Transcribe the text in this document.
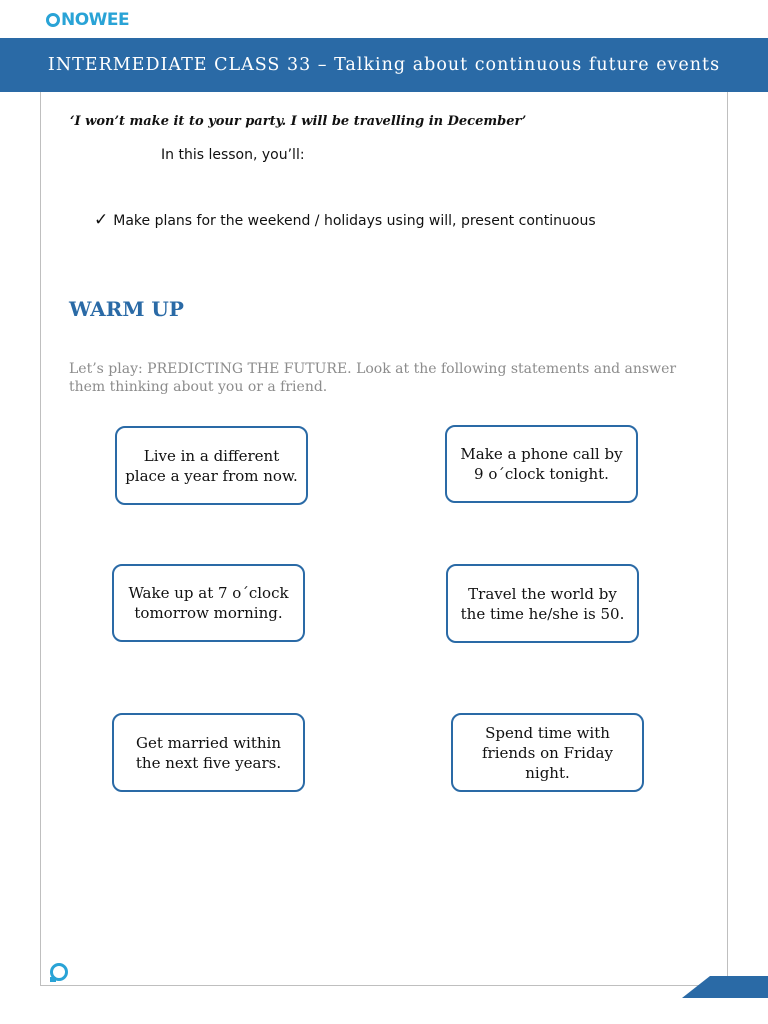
NOWEE
INTERMEDIATE CLASS 33 – Talking about continuous future events
‘I won’t make it to your party. I will be travelling in December’
In this lesson, you’ll:
✓ Make plans for the weekend / holidays using will, present continuous
WARM UP
Let’s play: PREDICTING THE FUTURE. Look at the following statements and answer them thinking about you or a friend.
Live in a different place a year from now.
Make a phone call by 9 o´clock tonight.
Wake up at 7 o´clock tomorrow morning.
Travel the world by the time he/she is 50.
Get married within the next five years.
Spend time with friends on Friday night.
